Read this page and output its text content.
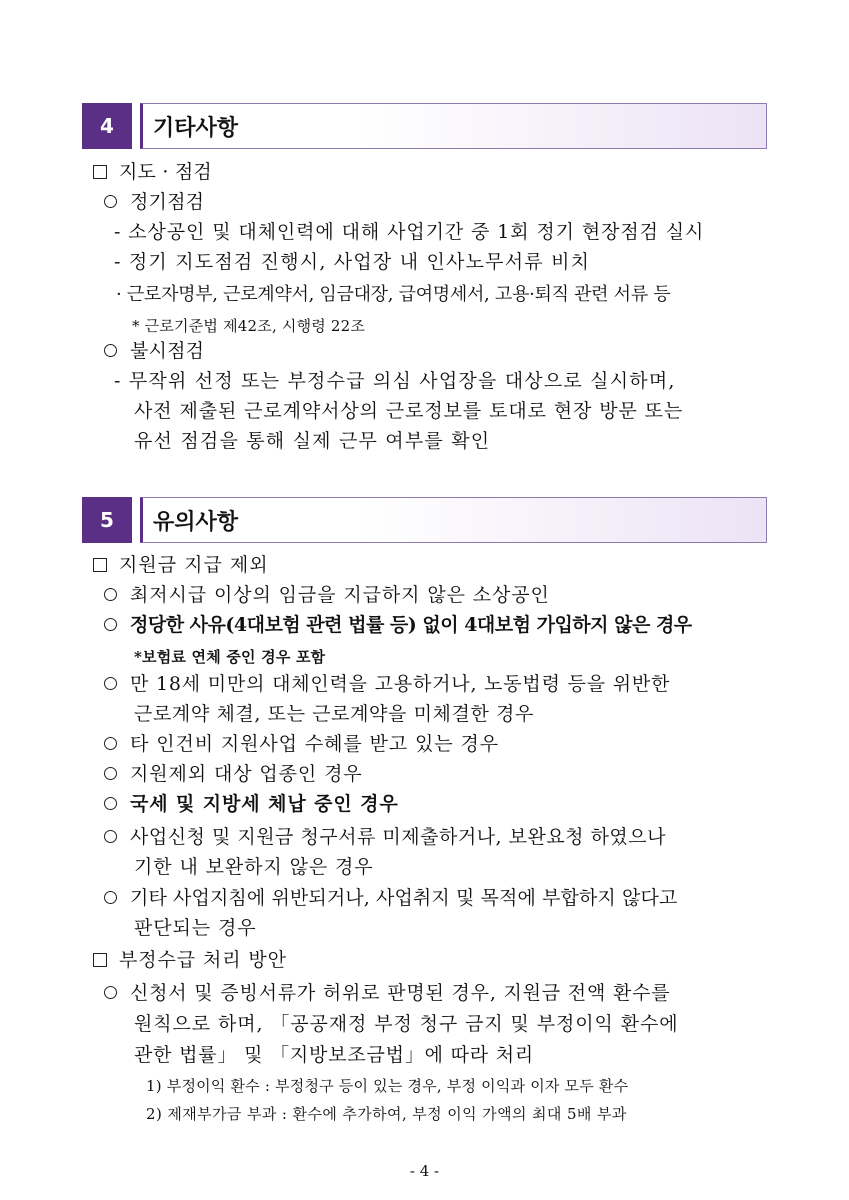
4	기타사항
지도 · 점검
정기점검
- 소상공인 및 대체인력에 대해 사업기간 중 1회 정기 현장점검 실시
- 정기 지도점검 진행시, 사업장 내 인사노무서류 비치
· 근로자명부, 근로계약서, 임금대장, 급여명세서, 고용·퇴직 관련 서류 등
* 근로기준법 제42조, 시행령 22조
불시점검
- 무작위 선정 또는 부정수급 의심 사업장을 대상으로 실시하며,
사전 제출된 근로계약서상의 근로정보를 토대로 현장 방문 또는
유선 점검을 통해 실제 근무 여부를 확인
5	유의사항
지원금 지급 제외
최저시급 이상의 임금을 지급하지 않은 소상공인
정당한 사유(4대보험 관련 법률 등) 없이 4대보험 가입하지 않은 경우
*보험료 연체 중인 경우 포함
만 18세 미만의 대체인력을 고용하거나, 노동법령 등을 위반한
근로계약 체결, 또는 근로계약을 미체결한 경우
타 인건비 지원사업 수혜를 받고 있는 경우
지원제외 대상 업종인 경우
국세 및 지방세 체납 중인 경우
사업신청 및 지원금 청구서류 미제출하거나, 보완요청 하였으나
기한 내 보완하지 않은 경우
기타 사업지침에 위반되거나, 사업취지 및 목적에 부합하지 않다고
판단되는 경우
부정수급 처리 방안
신청서 및 증빙서류가 허위로 판명된 경우, 지원금 전액 환수를
원칙으로 하며, 「공공재정 부정 청구 금지 및 부정이익 환수에
관한 법률」 및 「지방보조금법」에 따라 처리
1) 부정이익 환수 : 부정청구 등이 있는 경우, 부정 이익과 이자 모두 환수
2) 제재부가금 부과 : 환수에 추가하여, 부정 이익 가액의 최대 5배 부과
- 4 -
